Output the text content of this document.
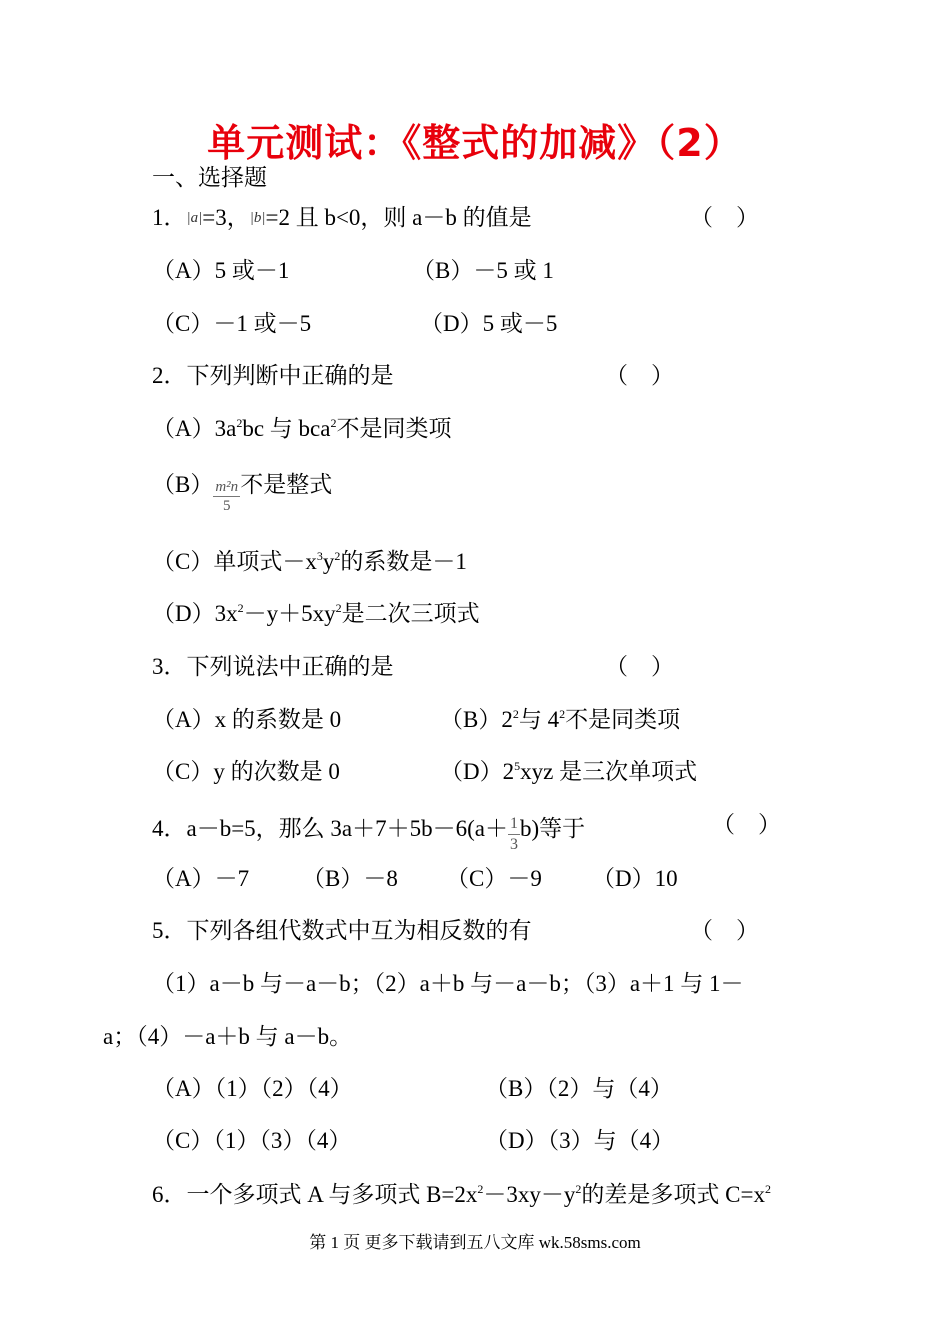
单元测试：《整式的加减》（2）
一、选择题
1．|a|=3，|b|=2 且 b<0，则 a－b 的值是	（　）
（A）5 或－1	（B）－5 或 1
（C）－1 或－5	（D）5 或－5
2．下列判断中正确的是	（　）
$(A)3a^2bc$ 与 bca$^2$不是同类项
$(B) \frac{\text{m²n}}{5}$ 不是整式
（C）单项式$-x^3y^2$的系数是－1
$(D)3x^2-y+5xy^2$是二次三项式
3．下列说法中正确的是	（　）
（A）x 的系数是 0	$(B)2^2$与 $4^2$不是同类项
（C）y 的次数是 0	$(D)2^5xyz$ 是三次单项式
4．a－b=5，那么 $3a+7+5b-6(a+ \frac{1}{3} b)$等于	（　）
（A）－7 （B）－8 （C）－9 （D）10
5．下列各组代数式中互为相反数的有	（　）
（1）a－b 与－a－b；（2）a＋b 与－a－b；（3）a＋1 与 1－
a；（4）－a＋b 与 a－b。
（A）（1）（2）（4）	（B）（2）与（4）
（C）（1）（3）（4）	（D）（3）与（4）
6．一个多项式 A 与多项式 $B=2x^2-3xy-y^2$的差是多项式 $C=x^2$
第 1 页 更多下载请到五八文库 wk.58sms.com
